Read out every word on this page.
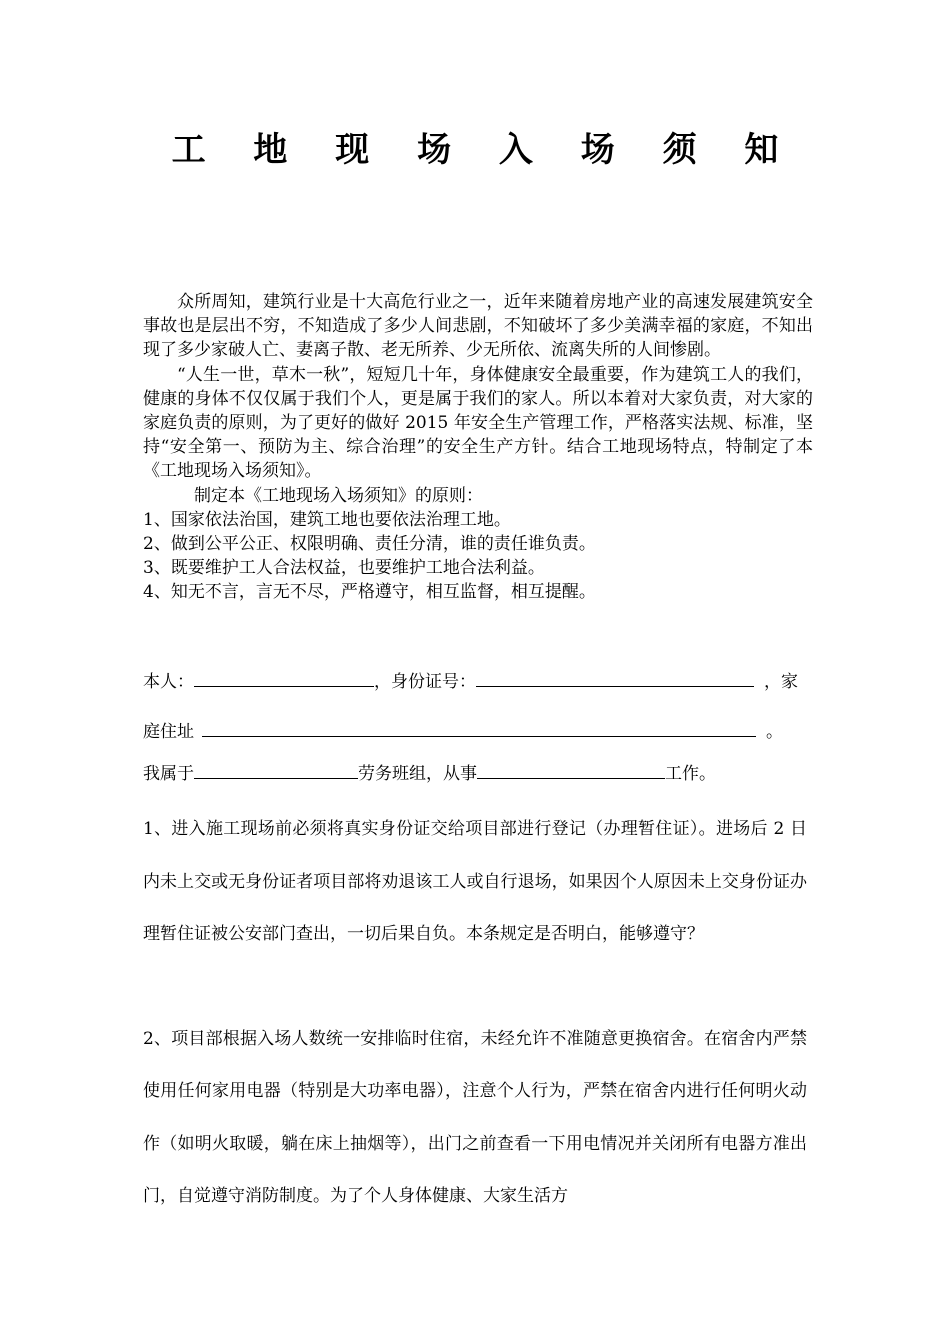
工 地 现 场 入 场 须 知

众所周知，建筑行业是十大高危行业之一，近年来随着房地产业的高速发展建筑安全事故也是层出不穷，不知造成了多少人间悲剧，不知破坏了多少美满幸福的家庭，不知出现了多少家破人亡、妻离子散、老无所养、少无所依、流离失所的人间惨剧。

“人生一世，草木一秋”，短短几十年，身体健康安全最重要，作为建筑工人的我们，健康的身体不仅仅属于我们个人，更是属于我们的家人。所以本着对大家负责，对大家的家庭负责的原则，为了更好的做好 2015 年安全生产管理工作，严格落实法规、标准，坚持“安全第一、预防为主、综合治理”的安全生产方针。结合工地现场特点，特制定了本《工地现场入场须知》。

制定本《工地现场入场须知》的原则：

1、国家依法治国，建筑工地也要依法治理工地。

2、做到公平公正、权限明确、责任分清，谁的责任谁负责。

3、既要维护工人合法权益，也要维护工地合法利益。

4、知无不言，言无不尽，严格遵守，相互监督，相互提醒。

本人：	，身份证号：	，家
庭住址	。
我属于	劳务班组，从事	工作。

1、进入施工现场前必须将真实身份证交给项目部进行登记（办理暂住证）。进场后 2 日内未上交或无身份证者项目部将劝退该工人或自行退场，如果因个人原因未上交身份证办理暂住证被公安部门查出，一切后果自负。本条规定是否明白，能够遵守？

2、项目部根据入场人数统一安排临时住宿，未经允许不准随意更换宿舍。在宿舍内严禁使用任何家用电器（特别是大功率电器），注意个人行为，严禁在宿舍内进行任何明火动作（如明火取暖，躺在床上抽烟等），出门之前查看一下用电情况并关闭所有电器方准出门，自觉遵守消防制度。为了个人身体健康、大家生活方
